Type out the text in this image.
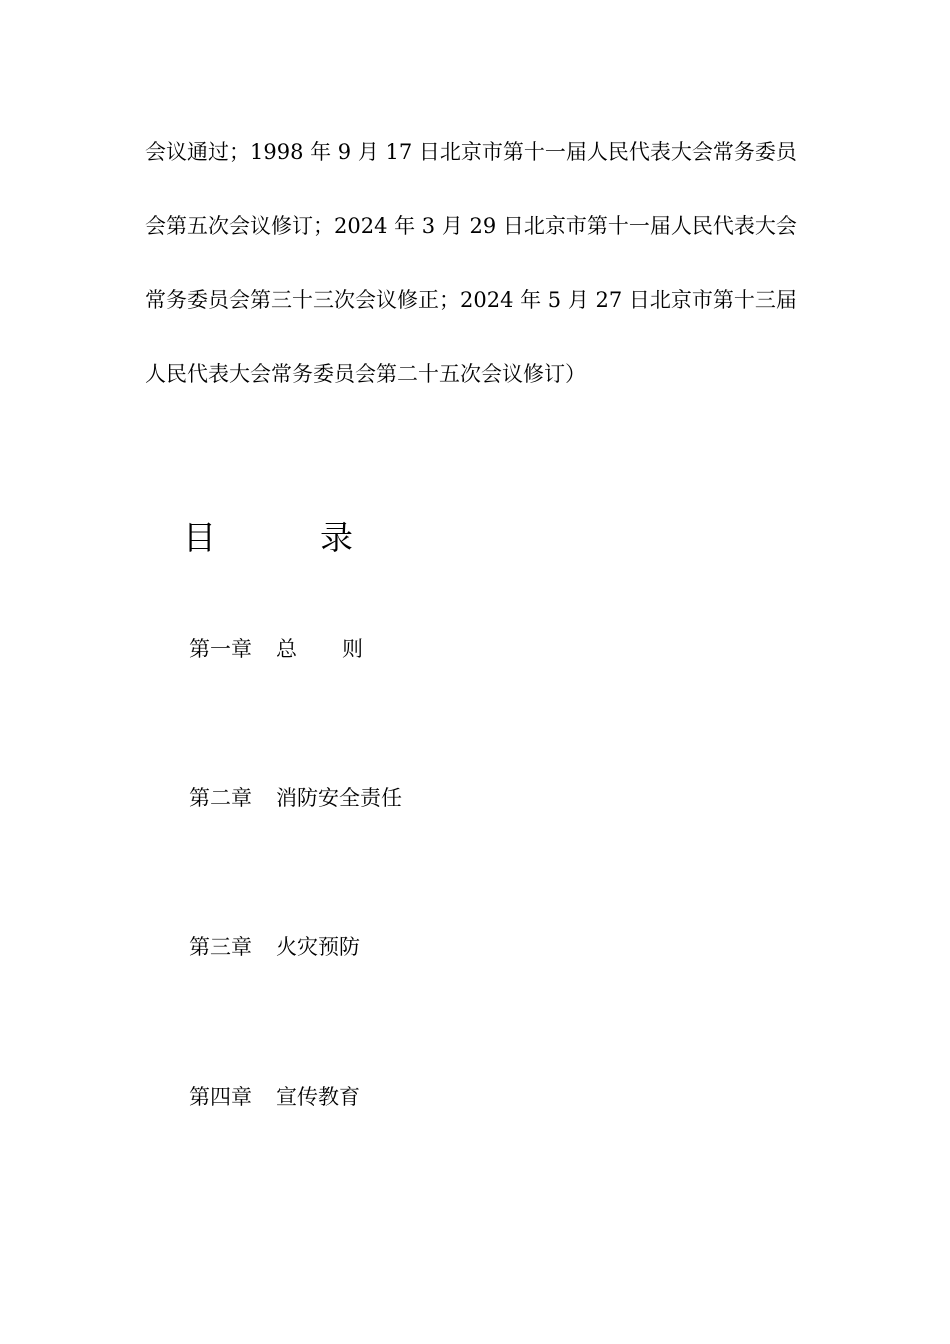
会议通过；1998 年 9 月 17 日北京市第十一届人民代表大会常务委员
会第五次会议修订；2024 年 3 月 29 日北京市第十一届人民代表大会
常务委员会第三十三次会议修正；2024 年 5 月 27 日北京市第十三届
人民代表大会常务委员会第二十五次会议修订）
目	录
第一章 总 则
第二章 消防安全责任
第三章 火灾预防
第四章 宣传教育
